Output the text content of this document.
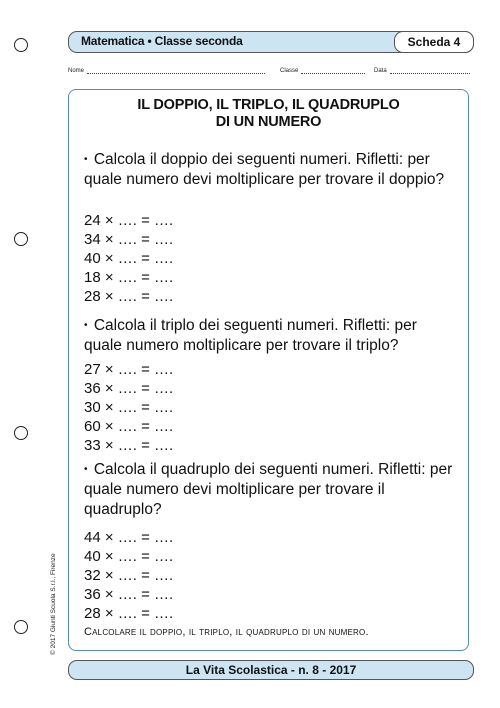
Matematica • Classe seconda	Scheda 4
Nome	Classe	Data
IL DOPPIO, IL TRIPLO, IL QUADRUPLO
DI UN NUMERO
• Calcola il doppio dei seguenti numeri. Rifletti: per quale numero devi moltiplicare per trovare il doppio?
24 × …. = ….
34 × …. = ….
40 × …. = ….
18 × …. = ….
28 × …. = ….
• Calcola il triplo dei seguenti numeri. Rifletti: per quale numero moltiplicare per trovare il triplo?
27 × …. = ….
36 × …. = ….
30 × …. = ….
60 × …. = ….
33 × …. = ….
• Calcola il quadruplo dei seguenti numeri. Rifletti: per quale numero devi moltiplicare per trovare il quadruplo?
44 × …. = ….
40 × …. = ….
32 × …. = ….
36 × …. = ….
28 × …. = ….
Calcolare il doppio, il triplo, il quadruplo di un numero.
© 2017 Giunti Scuola S.r.l., Firenze
La Vita Scolastica - n. 8 - 2017
